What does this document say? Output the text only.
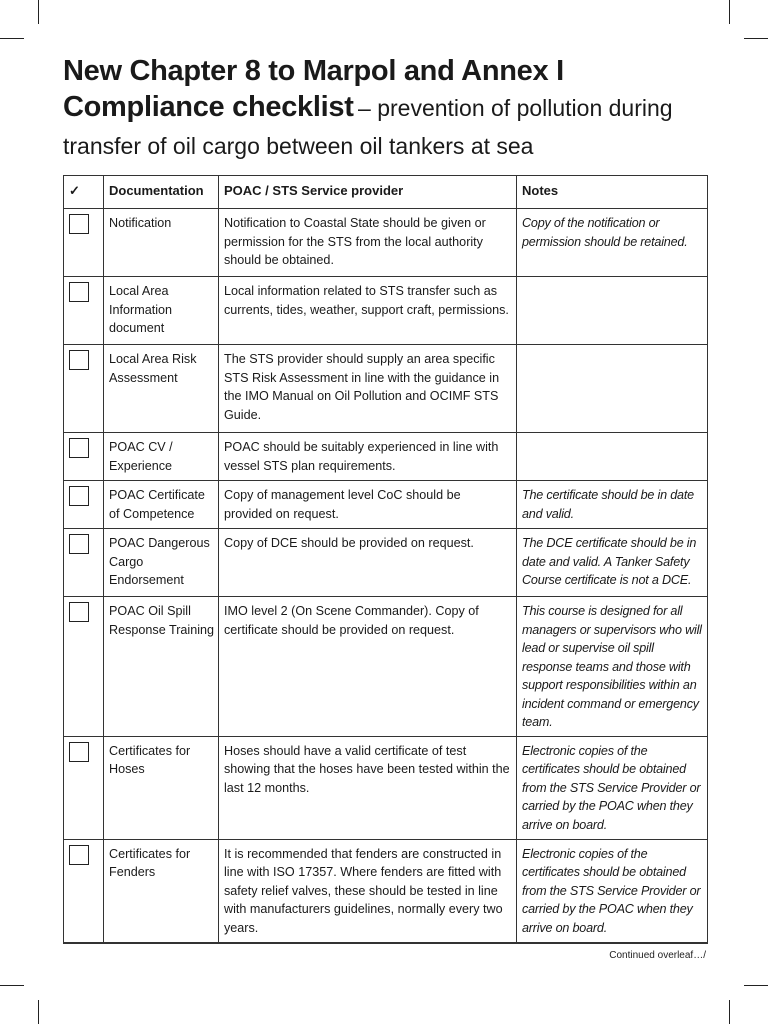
New Chapter 8 to Marpol and Annex I
Compliance checklist – prevention of pollution during transfer of oil cargo between oil tankers at sea
✓	Documentation	POAC / STS Service provider	Notes
	Notification	Notification to Coastal State should be given or permission for the STS from the local authority should be obtained.	Copy of the notification or permission should be retained.
	Local Area Information document	Local information related to STS transfer such as currents, tides, weather, support craft, permissions.	
	Local Area Risk Assessment	The STS provider should supply an area specific STS Risk Assessment in line with the guidance in the IMO Manual on Oil Pollution and OCIMF STS Guide.	
	POAC CV / Experience	POAC should be suitably experienced in line with vessel STS plan requirements.	
	POAC Certificate of Competence	Copy of management level CoC should be provided on request.	The certificate should be in date and valid.
	POAC Dangerous Cargo Endorsement	Copy of DCE should be provided on request.	The DCE certificate should be in date and valid. A Tanker Safety Course certificate is not a DCE.
	POAC Oil Spill Response Training	IMO level 2 (On Scene Commander). Copy of certificate should be provided on request.	This course is designed for all managers or supervisors who will lead or supervise oil spill response teams and those with support responsibilities within an incident command or emergency team.
	Certificates for Hoses	Hoses should have a valid certificate of test showing that the hoses have been tested within the last 12 months.	Electronic copies of the certificates should be obtained from the STS Service Provider or carried by the POAC when they arrive on board.
	Certificates for Fenders	It is recommended that fenders are constructed in line with ISO 17357. Where fenders are fitted with safety relief valves, these should be tested in line with manufacturers guidelines, normally every two years.	Electronic copies of the certificates should be obtained from the STS Service Provider or carried by the POAC when they arrive on board.
Continued overleaf…/
